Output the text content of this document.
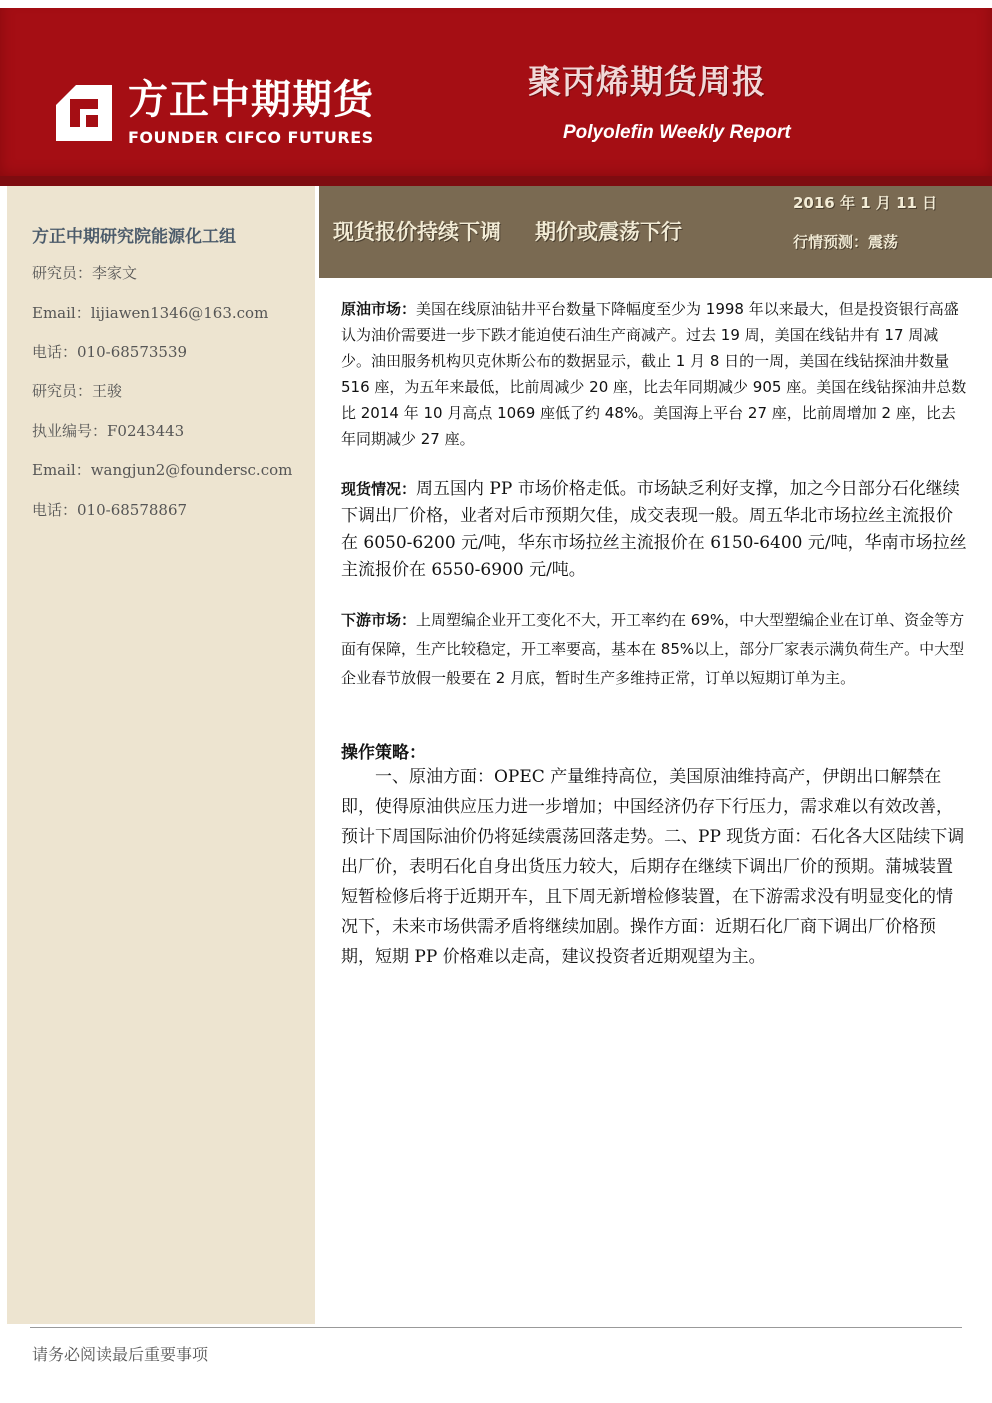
方正中期期货
FOUNDER CIFCO FUTURES
聚丙烯期货周报
Polyolefin Weekly Report
方正中期研究院能源化工组
研究员：李家文
Email：lijiawen1346@163.com
电话：010-68573539
研究员：王骏
执业编号：F0243443
Email：wangjun2@foundersc.com
电话：010-68578867
现货报价持续下调 期价或震荡下行
2016 年 1 月 11 日
行情预测：震荡

原油市场：美国在线原油钻井平台数量下降幅度至少为 1998 年以来最大，但是投资银行高盛认为油价需要进一步下跌才能迫使石油生产商减产。过去 19 周，美国在线钻井有 17 周减少。油田服务机构贝克休斯公布的数据显示，截止 1 月 8 日的一周，美国在线钻探油井数量 516 座，为五年来最低，比前周减少 20 座，比去年同期减少 905 座。美国在线钻探油井总数比 2014 年 10 月高点 1069 座低了约 48%。美国海上平台 27 座，比前周增加 2 座，比去年同期减少 27 座。

现货情况：周五国内 PP 市场价格走低。市场缺乏利好支撑，加之今日部分石化继续下调出厂价格，业者对后市预期欠佳，成交表现一般。周五华北市场拉丝主流报价在 6050-6200 元/吨，华东市场拉丝主流报价在 6150-6400 元/吨，华南市场拉丝主流报价在 6550-6900 元/吨。

下游市场：上周塑编企业开工变化不大，开工率约在 69%，中大型塑编企业在订单、资金等方面有保障，生产比较稳定，开工率要高，基本在 85%以上，部分厂家表示满负荷生产。中大型企业春节放假一般要在 2 月底，暂时生产多维持正常，订单以短期订单为主。

操作策略：

一、原油方面：OPEC 产量维持高位，美国原油维持高产，伊朗出口解禁在即，使得原油供应压力进一步增加；中国经济仍存下行压力，需求难以有效改善，预计下周国际油价仍将延续震荡回落走势。二、PP 现货方面：石化各大区陆续下调出厂价，表明石化自身出货压力较大，后期存在继续下调出厂价的预期。蒲城装置短暂检修后将于近期开车，且下周无新增检修装置，在下游需求没有明显变化的情况下，未来市场供需矛盾将继续加剧。操作方面：近期石化厂商下调出厂价格预期，短期 PP 价格难以走高，建议投资者近期观望为主。

请务必阅读最后重要事项
